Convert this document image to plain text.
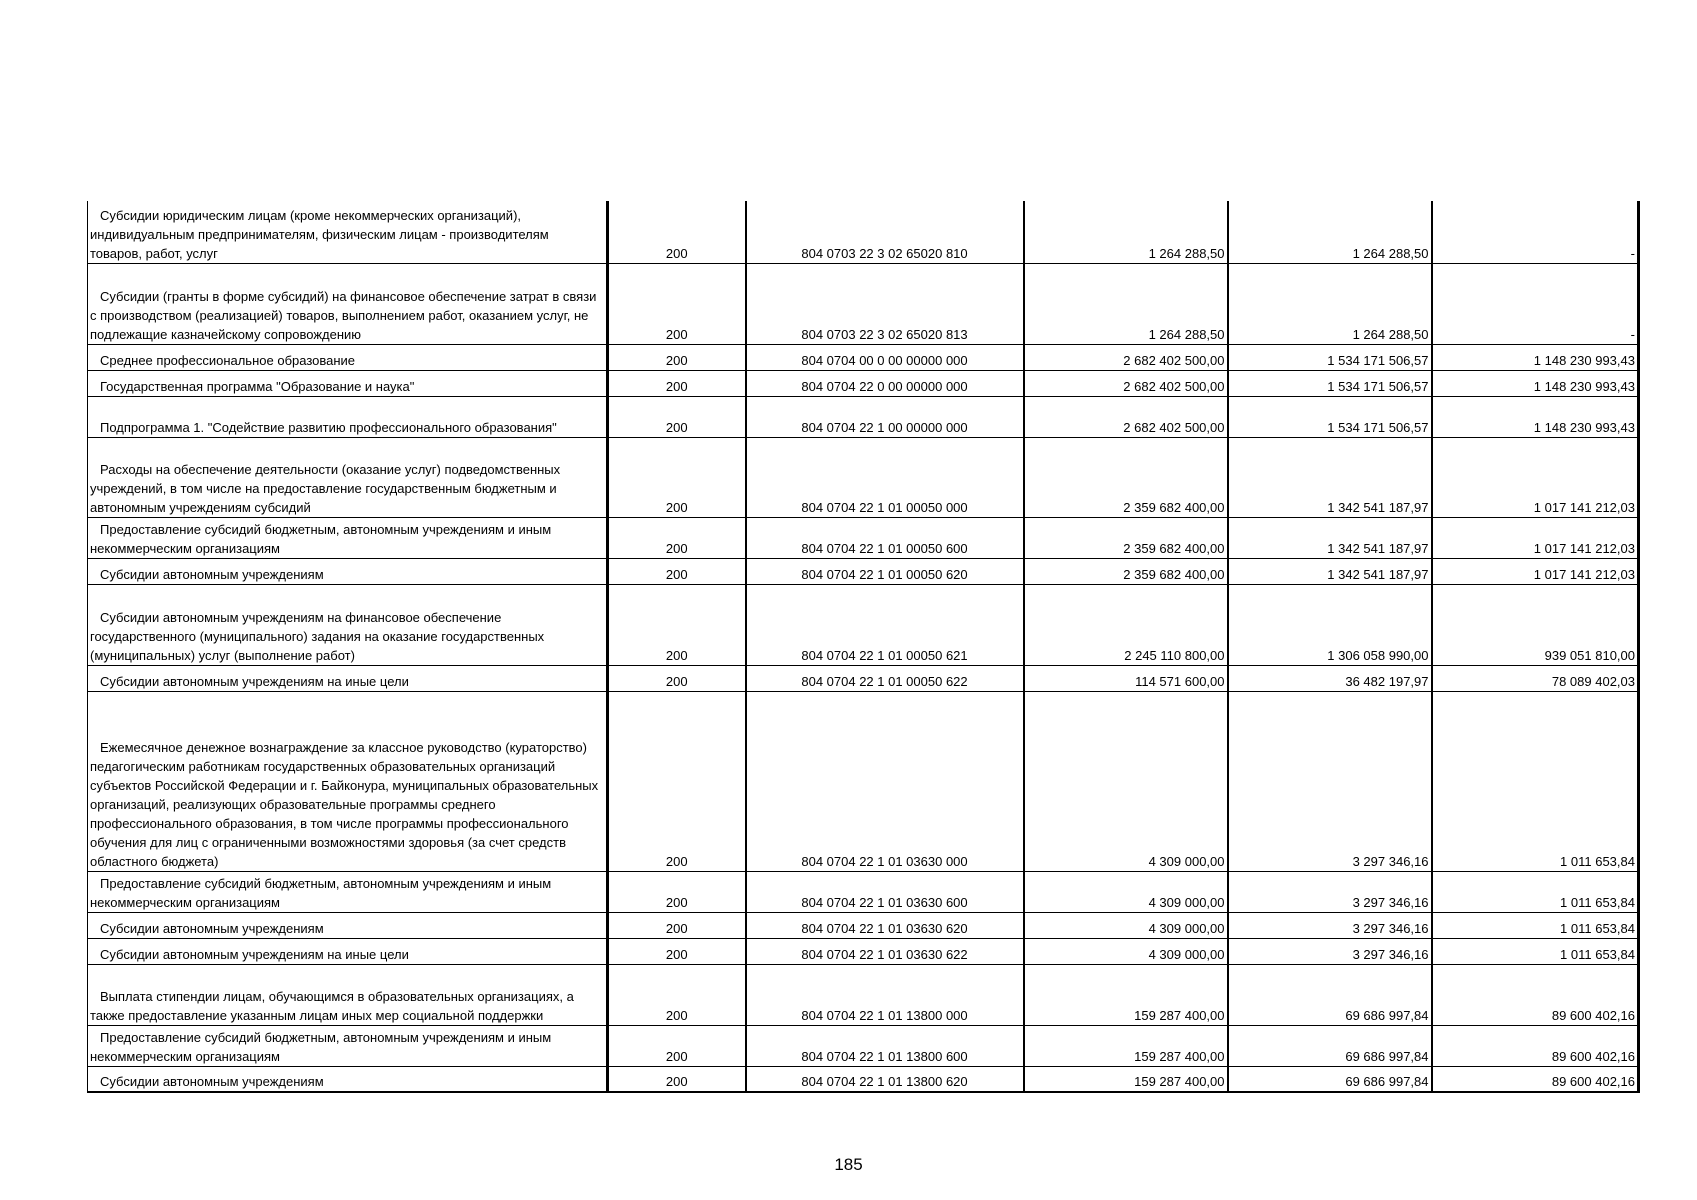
Субсидии юридическим лицам (кроме некоммерческих организаций), индивидуальным предпринимателям, физическим лицам - производителям товаров, работ, услуг	200	804 0703 22 3 02 65020 810	1 264 288,50	1 264 288,50	-

Субсидии (гранты в форме субсидий) на финансовое обеспечение затрат в связи с производством (реализацией) товаров, выполнением работ, оказанием услуг, не подлежащие казначейскому сопровождению	200	804 0703 22 3 02 65020 813	1 264 288,50	1 264 288,50	-

Среднее профессиональное образование	200	804 0704 00 0 00 00000 000	2 682 402 500,00	1 534 171 506,57	1 148 230 993,43

Государственная программа "Образование и наука"	200	804 0704 22 0 00 00000 000	2 682 402 500,00	1 534 171 506,57	1 148 230 993,43

Подпрограмма 1. "Содействие развитию профессионального образования"	200	804 0704 22 1 00 00000 000	2 682 402 500,00	1 534 171 506,57	1 148 230 993,43

Расходы на обеспечение деятельности (оказание услуг) подведомственных учреждений, в том числе на предоставление государственным бюджетным и автономным учреждениям субсидий	200	804 0704 22 1 01 00050 000	2 359 682 400,00	1 342 541 187,97	1 017 141 212,03

Предоставление субсидий бюджетным, автономным учреждениям и иным некоммерческим организациям	200	804 0704 22 1 01 00050 600	2 359 682 400,00	1 342 541 187,97	1 017 141 212,03

Субсидии автономным учреждениям	200	804 0704 22 1 01 00050 620	2 359 682 400,00	1 342 541 187,97	1 017 141 212,03

Субсидии автономным учреждениям на финансовое обеспечение государственного (муниципального) задания на оказание государственных (муниципальных) услуг (выполнение работ)	200	804 0704 22 1 01 00050 621	2 245 110 800,00	1 306 058 990,00	939 051 810,00

Субсидии автономным учреждениям на иные цели	200	804 0704 22 1 01 00050 622	114 571 600,00	36 482 197,97	78 089 402,03

Ежемесячное денежное вознаграждение за классное руководство (кураторство) педагогическим работникам государственных образовательных организаций субъектов Российской Федерации и г. Байконура, муниципальных образовательных организаций, реализующих образовательные программы среднего профессионального образования, в том числе программы профессионального обучения для лиц с ограниченными возможностями здоровья (за счет средств областного бюджета)	200	804 0704 22 1 01 03630 000	4 309 000,00	3 297 346,16	1 011 653,84

Предоставление субсидий бюджетным, автономным учреждениям и иным некоммерческим организациям	200	804 0704 22 1 01 03630 600	4 309 000,00	3 297 346,16	1 011 653,84

Субсидии автономным учреждениям	200	804 0704 22 1 01 03630 620	4 309 000,00	3 297 346,16	1 011 653,84

Субсидии автономным учреждениям на иные цели	200	804 0704 22 1 01 03630 622	4 309 000,00	3 297 346,16	1 011 653,84

Выплата стипендии лицам, обучающимся в образовательных организациях, а также предоставление указанным лицам иных мер социальной поддержки	200	804 0704 22 1 01 13800 000	159 287 400,00	69 686 997,84	89 600 402,16

Предоставление субсидий бюджетным, автономным учреждениям и иным некоммерческим организациям	200	804 0704 22 1 01 13800 600	159 287 400,00	69 686 997,84	89 600 402,16

Субсидии автономным учреждениям	200	804 0704 22 1 01 13800 620	159 287 400,00	69 686 997,84	89 600 402,16
185
